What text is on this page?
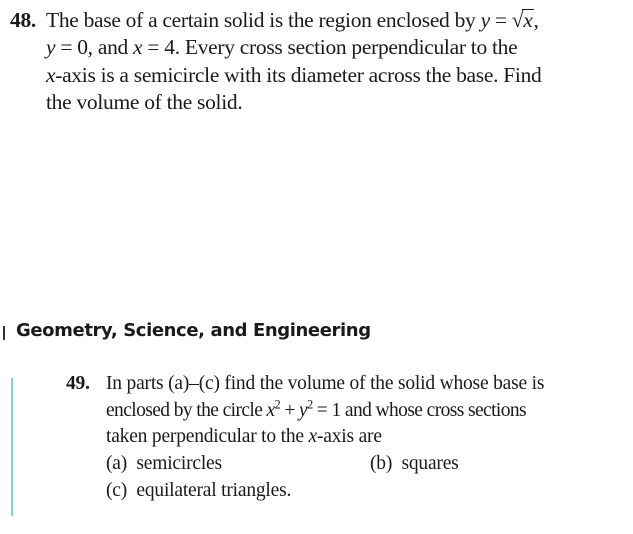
48. The base of a certain solid is the region enclosed by y = √x,
y = 0, and x = 4. Every cross section perpendicular to the
x-axis is a semicircle with its diameter across the base. Find
the volume of the solid.
Geometry, Science, and Engineering
49. In parts (a)–(c) find the volume of the solid whose base is
enclosed by the circle $x^2 + y^2 = 1$ and whose cross sections
taken perpendicular to the x-axis are
(a)  semicircles	(b)  squares
(c)  equilateral triangles.
